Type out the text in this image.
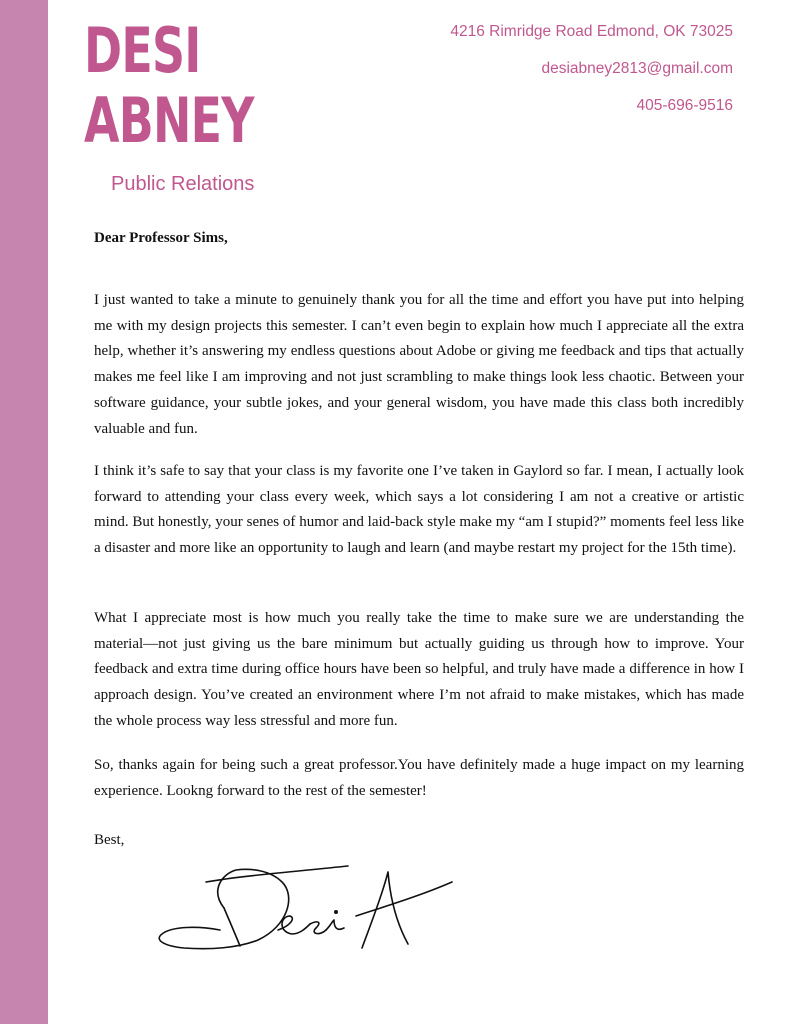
DESI
ABNEY
Public Relations
4216 Rimridge Road Edmond, OK 73025
desiabney2813@gmail.com
405-696-9516
Dear Professor Sims,
I just wanted to take a minute to genuinely thank you for all the time and effort you have put into helping me with my design projects this semester. I can’t even begin to explain how much I appreciate all the extra help, whether it’s answering my endless questions about Adobe or giving me feedback and tips that actually makes me feel like I am improving and not just scrambling to make things look less chaotic. Between your software guidance, your subtle jokes, and your general wisdom, you have made this class both incredibly valuable and fun.
I think it’s safe to say that your class is my favorite one I’ve taken in Gaylord so far. I mean, I actually look forward to attending your class every week, which says a lot considering I am not a creative or artistic mind. But honestly, your senes of humor and laid-back style make my “am I stupid?” moments feel less like a disaster and more like an opportunity to laugh and learn (and maybe restart my project for the 15th time).
What I appreciate most is how much you really take the time to make sure we are understanding the material—not just giving us the bare minimum but actually guiding us through how to improve. Your feedback and extra time during office hours have been so helpful, and truly have made a difference in how I approach design. You’ve created an environment where I’m not afraid to make mistakes, which has made the whole process way less stressful and more fun.
So, thanks again for being such a great professor.You have definitely made a huge impact on my learning experience. Lookng forward to the rest of the semester!
Best,
